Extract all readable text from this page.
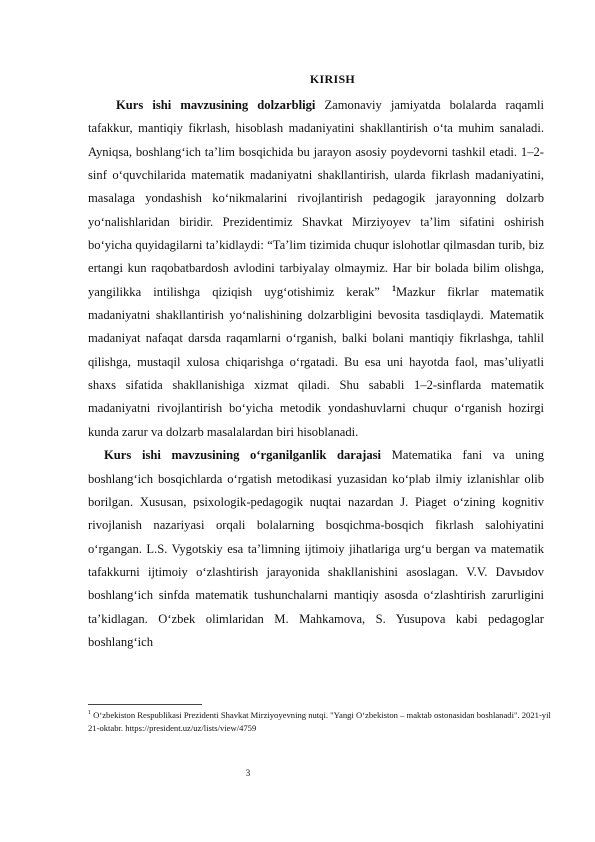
KIRISH

Kurs ishi mavzusining dolzarbligi Zamonaviy jamiyatda bolalarda raqamli tafakkur, mantiqiy fikrlash, hisoblash madaniyatini shakllantirish o‘ta muhim sanaladi. Ayniqsa, boshlang‘ich ta’lim bosqichida bu jarayon asosiy poydevorni tashkil etadi. 1–2-sinf o‘quvchilarida matematik madaniyatni shakllantirish, ularda fikrlash madaniyatini, masalaga yondashish ko‘nikmalarini rivojlantirish pedagogik jarayonning dolzarb yo‘nalishlaridan biridir. Prezidentimiz Shavkat Mirziyoyev ta’lim sifatini oshirish bo‘yicha quyidagilarni ta’kidlaydi: “Ta’lim tizimida chuqur islohotlar qilmasdan turib, biz ertangi kun raqobatbardosh avlodini tarbiyalay olmaymiz. Har bir bolada bilim olishga, yangilikka intilishga qiziqish uyg‘otishimiz kerak” $^1$Mazkur fikrlar matematik madaniyatni shakllantirish yo‘nalishining dolzarbligini bevosita tasdiqlaydi. Matematik madaniyat nafaqat darsda raqamlarni o‘rganish, balki bolani mantiqiy fikrlashga, tahlil qilishga, mustaqil xulosa chiqarishga o‘rgatadi. Bu esa uni hayotda faol, mas’uliyatli shaxs sifatida shakllanishiga xizmat qiladi. Shu sababli 1–2-sinflarda matematik madaniyatni rivojlantirish bo‘yicha metodik yondashuvlarni chuqur o‘rganish hozirgi kunda zarur va dolzarb masalalardan biri hisoblanadi.

Kurs ishi mavzusining o‘rganilganlik darajasi Matematika fani va uning boshlang‘ich bosqichlarda o‘rgatish metodikasi yuzasidan ko‘plab ilmiy izlanishlar olib borilgan. Xususan, psixologik-pedagogik nuqtai nazardan J. Piaget o‘zining kognitiv rivojlanish nazariyasi orqali bolalarning bosqichma-bosqich fikrlash salohiyatini o‘rgangan. L.S. Vygotskiy esa ta’limning ijtimoiy jihatlariga urg‘u bergan va matematik tafakkurni ijtimoiy o‘zlashtirish jarayonida shakllanishini asoslagan. V.V. Davыdov boshlang‘ich sinfda matematik tushunchalarni mantiqiy asosda o‘zlashtirish zarurligini ta’kidlagan. O‘zbek olimlaridan M. Mahkamova, S. Yusupova kabi pedagoglar boshlang‘ich

$^1$ O‘zbekiston Respublikasi Prezidenti Shavkat Mirziyoyevning nutqi. "Yangi O‘zbekiston – maktab ostonasidan boshlanadi". 2021-yil 21-oktabr. https://president.uz/uz/lists/view/4759
3
